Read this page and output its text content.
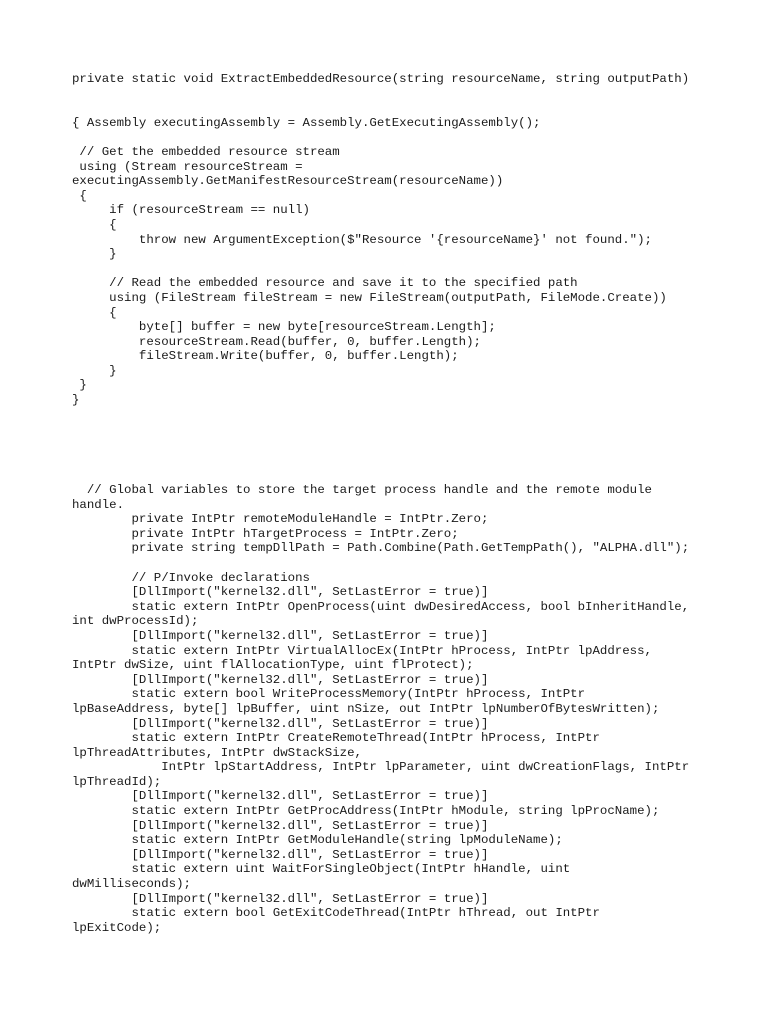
private static void ExtractEmbeddedResource(string resourceName, string outputPath)
{ Assembly executingAssembly = Assembly.GetExecutingAssembly();
// Get the embedded resource stream
using (Stream resourceStream =
executingAssembly.GetManifestResourceStream(resourceName))
{
if (resourceStream == null)
{
throw new ArgumentException($"Resource '{resourceName}' not found.");
}
// Read the embedded resource and save it to the specified path
using (FileStream fileStream = new FileStream(outputPath, FileMode.Create))
{
byte[] buffer = new byte[resourceStream.Length];
resourceStream.Read(buffer, 0, buffer.Length);
fileStream.Write(buffer, 0, buffer.Length);
}
}
}
// Global variables to store the target process handle and the remote module
handle.
private IntPtr remoteModuleHandle = IntPtr.Zero;
private IntPtr hTargetProcess = IntPtr.Zero;
private string tempDllPath = Path.Combine(Path.GetTempPath(), "ALPHA.dll");
// P/Invoke declarations
[DllImport("kernel32.dll", SetLastError = true)]
static extern IntPtr OpenProcess(uint dwDesiredAccess, bool bInheritHandle,
int dwProcessId);
[DllImport("kernel32.dll", SetLastError = true)]
static extern IntPtr VirtualAllocEx(IntPtr hProcess, IntPtr lpAddress,
IntPtr dwSize, uint flAllocationType, uint flProtect);
[DllImport("kernel32.dll", SetLastError = true)]
static extern bool WriteProcessMemory(IntPtr hProcess, IntPtr
lpBaseAddress, byte[] lpBuffer, uint nSize, out IntPtr lpNumberOfBytesWritten);
[DllImport("kernel32.dll", SetLastError = true)]
static extern IntPtr CreateRemoteThread(IntPtr hProcess, IntPtr
lpThreadAttributes, IntPtr dwStackSize,
IntPtr lpStartAddress, IntPtr lpParameter, uint dwCreationFlags, IntPtr
lpThreadId);
[DllImport("kernel32.dll", SetLastError = true)]
static extern IntPtr GetProcAddress(IntPtr hModule, string lpProcName);
[DllImport("kernel32.dll", SetLastError = true)]
static extern IntPtr GetModuleHandle(string lpModuleName);
[DllImport("kernel32.dll", SetLastError = true)]
static extern uint WaitForSingleObject(IntPtr hHandle, uint
dwMilliseconds);
[DllImport("kernel32.dll", SetLastError = true)]
static extern bool GetExitCodeThread(IntPtr hThread, out IntPtr
lpExitCode);
